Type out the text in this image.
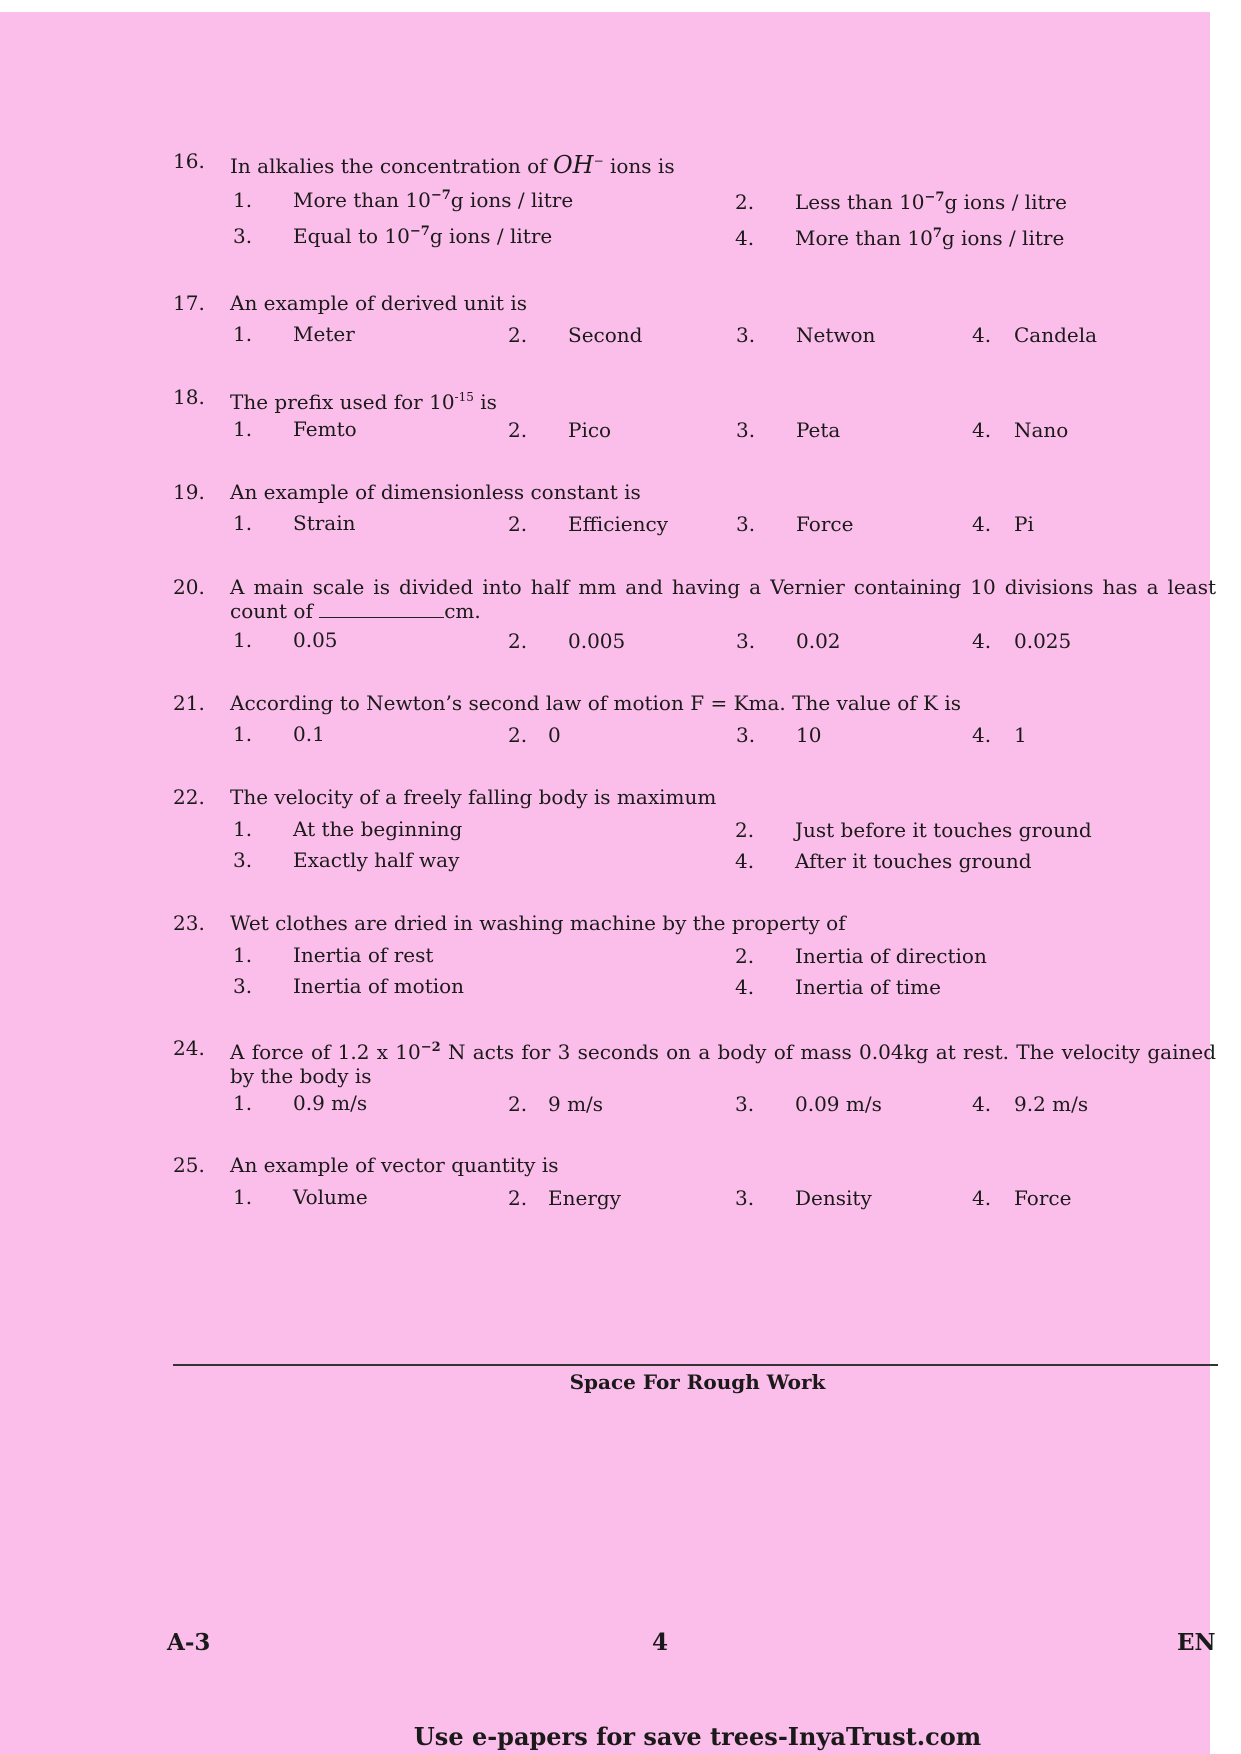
16. In alkalies the concentration of OH− ions is
1. More than $10^{-7}g$ ions / litre	2. Less than $10^{-7}g$ ions / litre
3. Equal to $10^{-7}g$ ions / litre	4. More than $10^7g$ ions / litre
17. An example of derived unit is
1. Meter	2. Second	3. Netwon	4. Candela
18. The prefix used for $10^{-15}$ is
1. Femto	2. Pico	3. Peta	4. Nano
19. An example of dimensionless constant is
1. Strain	2. Efficiency	3. Force	4. Pi
20. A main scale is divided into half mm and having a Vernier containing 10 divisions has a least count of	cm.
1. 0.05	2. 0.005	3. 0.02	4. 0.025
21. According to Newton’s second law of motion F = Kma. The value of K is
1. 0.1	2. 0	3. 10	4. 1
22. The velocity of a freely falling body is maximum
1. At the beginning	2. Just before it touches ground
3. Exactly half way	4. After it touches ground
23. Wet clothes are dried in washing machine by the property of
1. Inertia of rest	2. Inertia of direction
3. Inertia of motion	4. Inertia of time
24. A force of 1.2 x $10^{-2}$ N acts for 3 seconds on a body of mass 0.04kg at rest. The velocity gained by the body is
1. 0.9 m/s	2. 9 m/s	3. 0.09 m/s	4. 9.2 m/s
25. An example of vector quantity is
1. Volume	2. Energy	3. Density	4. Force
Space For Rough Work
A-3	4	EN
Use e-papers for save trees-InyaTrust.com
